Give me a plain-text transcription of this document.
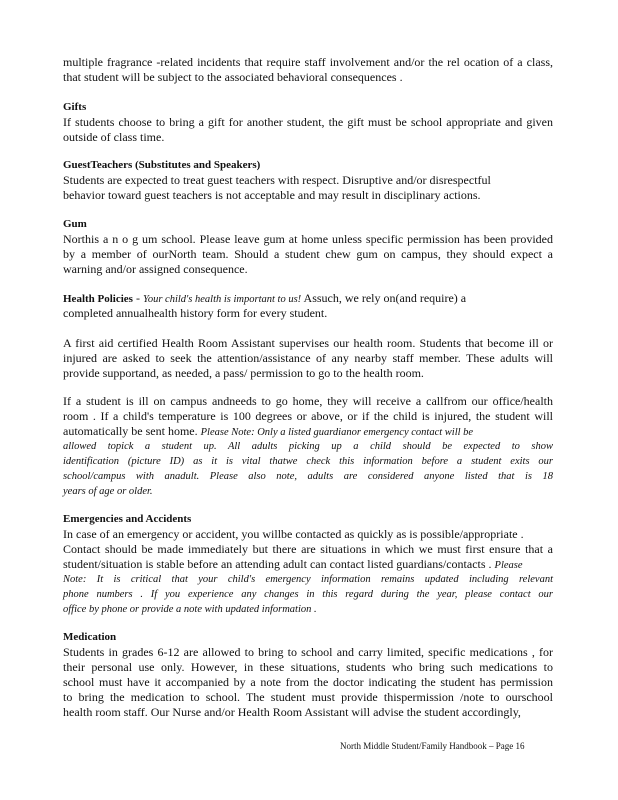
multiple fragrance -related incidents that require staff involvement and/or the rel ocation of a class,
that student will be subject to the associated behavioral consequences .
Gifts
If students choose to bring a gift for another student, the gift must be school appropriate and given
outside of class time.
GuestTeachers (Substitutes and Speakers)
Students are expected to treat guest teachers with respect. Disruptive and/or disrespectful
behavior toward guest teachers is not acceptable and may result in disciplinary actions.
Gum
Northis a n o g um school. Please leave gum at home unless specific permission has been provided
by a member of ourNorth team. Should a student chew gum on campus, they should expect a
warning and/or assigned consequence.
Health Policies - Your child's health is important to us! Assuch, we rely on(and require) a
completed annualhealth history form for every student.
A first aid certified Health Room Assistant supervises our health room. Students that become ill or
injured are asked to seek the attention/assistance of any nearby staff member. These adults will
provide supportand, as needed, a pass/ permission to go to the health room.
If a student is ill on campus andneeds to go home, they will receive a callfrom our office/health
room . If a child's temperature is 100 degrees or above, or if the child is injured, the student will
automatically be sent home. Please Note: Only a listed guardianor emergency contact will be
allowed topick a student up. All adults picking up a child should be expected to show
identification (picture ID) as it is vital thatwe check this information before a student exits our
school/campus with anadult. Please also note, adults are considered anyone listed that is 18
years of age or older.
Emergencies and Accidents
In case of an emergency or accident, you willbe contacted as quickly as is possible/appropriate .
Contact should be made immediately but there are situations in which we must first ensure that a
student/situation is stable before an attending adult can contact listed guardians/contacts . Please
Note: It is critical that your child's emergency information remains updated including relevant
phone numbers . If you experience any changes in this regard during the year, please contact our
office by phone or provide a note with updated information .
Medication
Students in grades 6-12 are allowed to bring to school and carry limited, specific medications , for
their personal use only. However, in these situations, students who bring such medications to
school must have it accompanied by a note from the doctor indicating the student has permission
to bring the medication to school. The student must provide thispermission /note to ourschool
health room staff. Our Nurse and/or Health Room Assistant will advise the student accordingly,
North Middle Student/Family Handbook – Page 16
